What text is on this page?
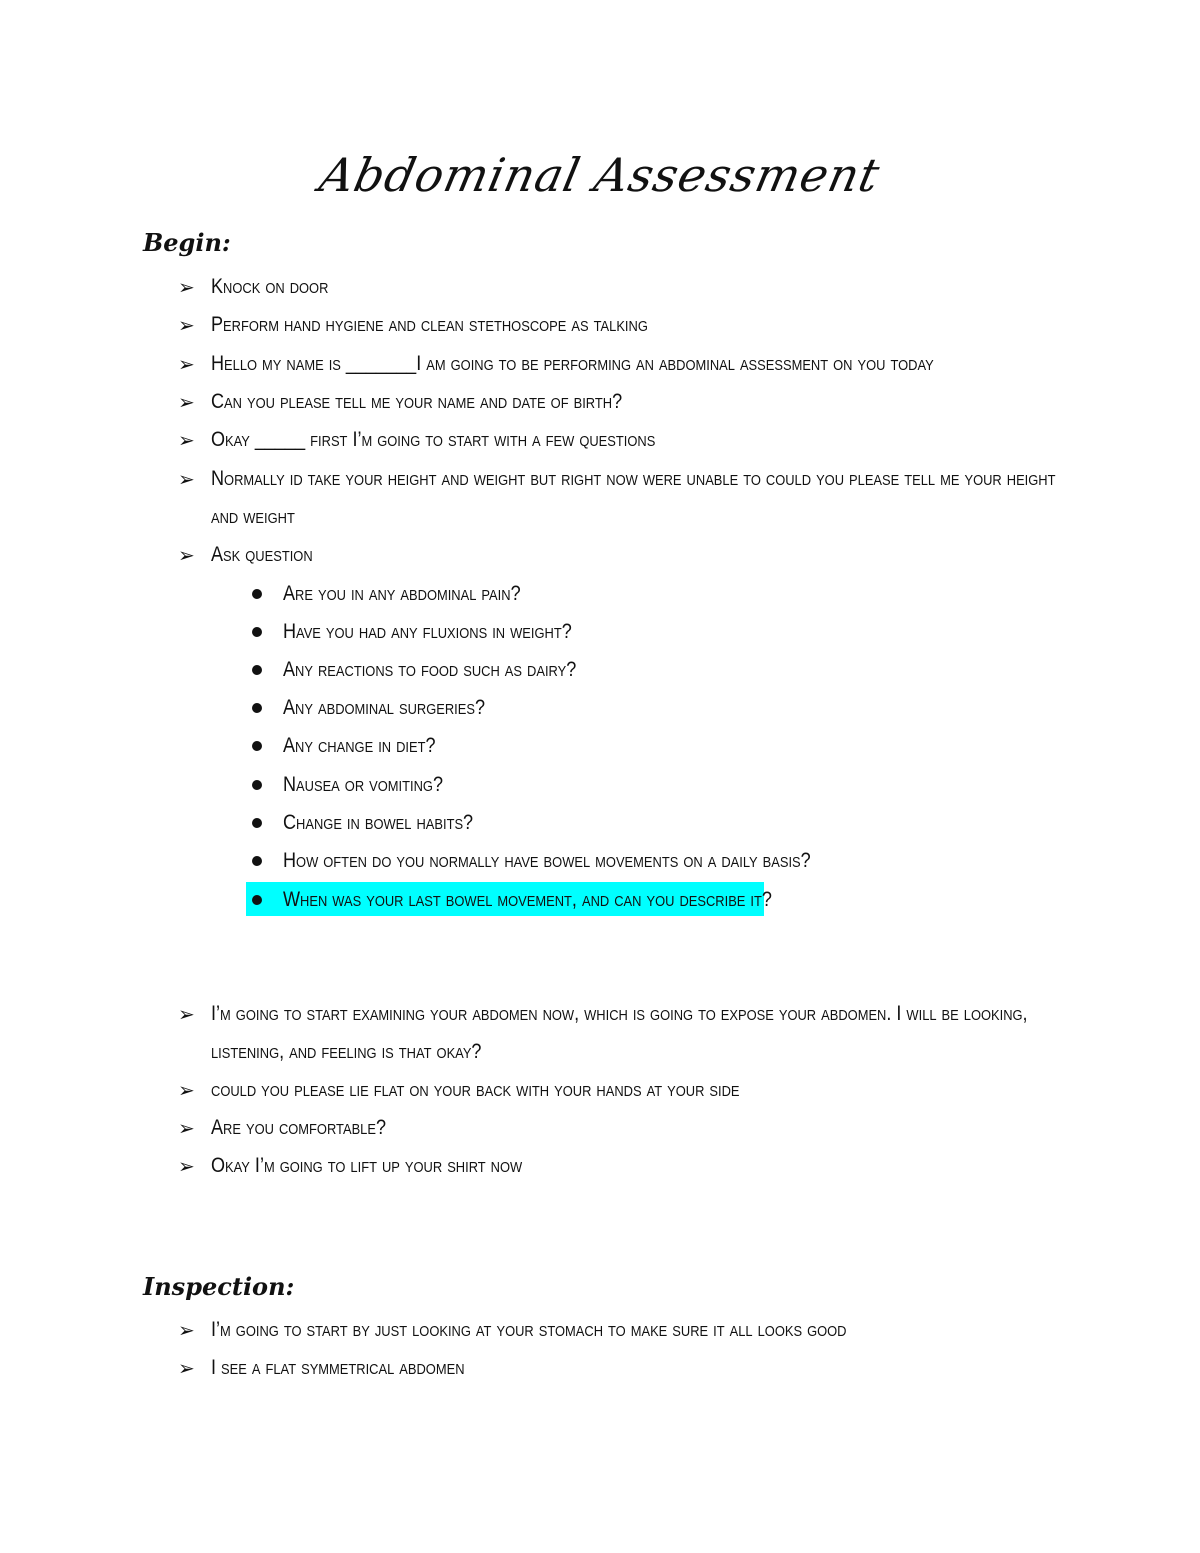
Abdominal Assessment
Begin:
➢ Knock on door
➢ Perform hand hygiene and clean stethoscope as talking
➢ Hello my name is _______I am going to be performing an abdominal assessment on you today
➢ Can you please tell me your name and date of birth?
➢ Okay _____ first I’m going to start with a few questions
➢ Normally id take your height and weight but right now were unable to could you please tell me your height
and weight
➢ Ask question
Are you in any abdominal pain?
Have you had any fluxions in weight?
Any reactions to food such as dairy?
Any abdominal surgeries?
Any change in diet?
Nausea or vomiting?
Change in bowel habits?
How often do you normally have bowel movements on a daily basis?
When was your last bowel movement, and can you describe it?
➢ I’m going to start examining your abdomen now, which is going to expose your abdomen. I will be looking,
listening, and feeling is that okay?
➢ could you please lie flat on your back with your hands at your side
➢ Are you comfortable?
➢ Okay I’m going to lift up your shirt now
Inspection:
➢ I’m going to start by just looking at your stomach to make sure it all looks good
➢ I see a flat symmetrical abdomen
